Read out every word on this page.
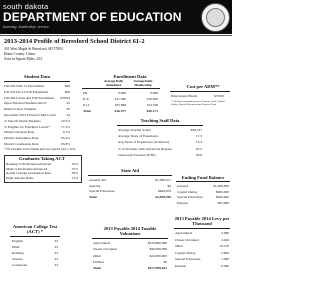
south dakota
DEPARTMENT OF EDUCATION
learning. leadership. service.
2013-2014 Profile of Beresford School District 61-2
301 West Maple St Beresford, SD 57004
Home County: Union
Area in Square Miles: 253
Student Data
Fall 2013 PK-12 Enrollment	699
Fall 2013 K-12 Fall Enrollment	668
Fall 2013 State Aid Fall Enrollment	639.93
Open Enrolled Students Rec'd	45
Home School Students	20
December 2013 Federal Child Count	54
% Special Needs Students	10.5%
% Eligible for Free/Red. Lunch*	17.3%
District Dropout Rate	0.7%
District Attendance Rate	95.4%
District Graduation Rate	93.8%
* The Free/Red. Lunch Eligible data was reported June 1, 2014
Enrollment Data
Average Daily Attendance
Average Daily Membership
PK	0.000	0.000
K-8	431.360	450.650
9-12	185.689	194.528
Total	616.577	646.171
Cost per ADM**
Educational Funds	$7,000
** Includes expenditures from General Fund, Capital Outlay, Special Education and Pension Fund
Teaching Staff Data
Average Teacher Salary	$39,747
Average Years of Experience	17.3
Avg Years of Experience (in district)	15.3
% of Teachers with Advanced Degrees	32%
Classroom Teachers (FTE)	50.8
Graduates Taking ACT
Reading % Proficient/Advanced	70%
Math % Proficient/Advanced	75%
Actual College Graduation Rate	30%
Pupil Teacher Ratio	13.2
State Aid
General Aid	$1,588,471
Sparsity	$0
Special Education	$469,879
Total	$2,058,350
Ending Fund Balance
General	$1,200,000
Capital Outlay	$900,000
Special Education	$200,000
Pension	$95,000
American College Test (ACT) *
English	22
Math	22
Reading	23
Science	23
Composite	23
2013 Payable 2014 Taxable Valuations
Agricultural	$258,680,066
Owner Occupied	$96,299,389
Other	$22,000,000
Utilities	$0
Total	$377,998,261
2013 Payable 2014 Levy per Thousand
Agricultural	2.086
Owner Occupied	4.946
Other	10.150
Capital Outlay	2.800
Special Education	1.300
Pension	0.300
